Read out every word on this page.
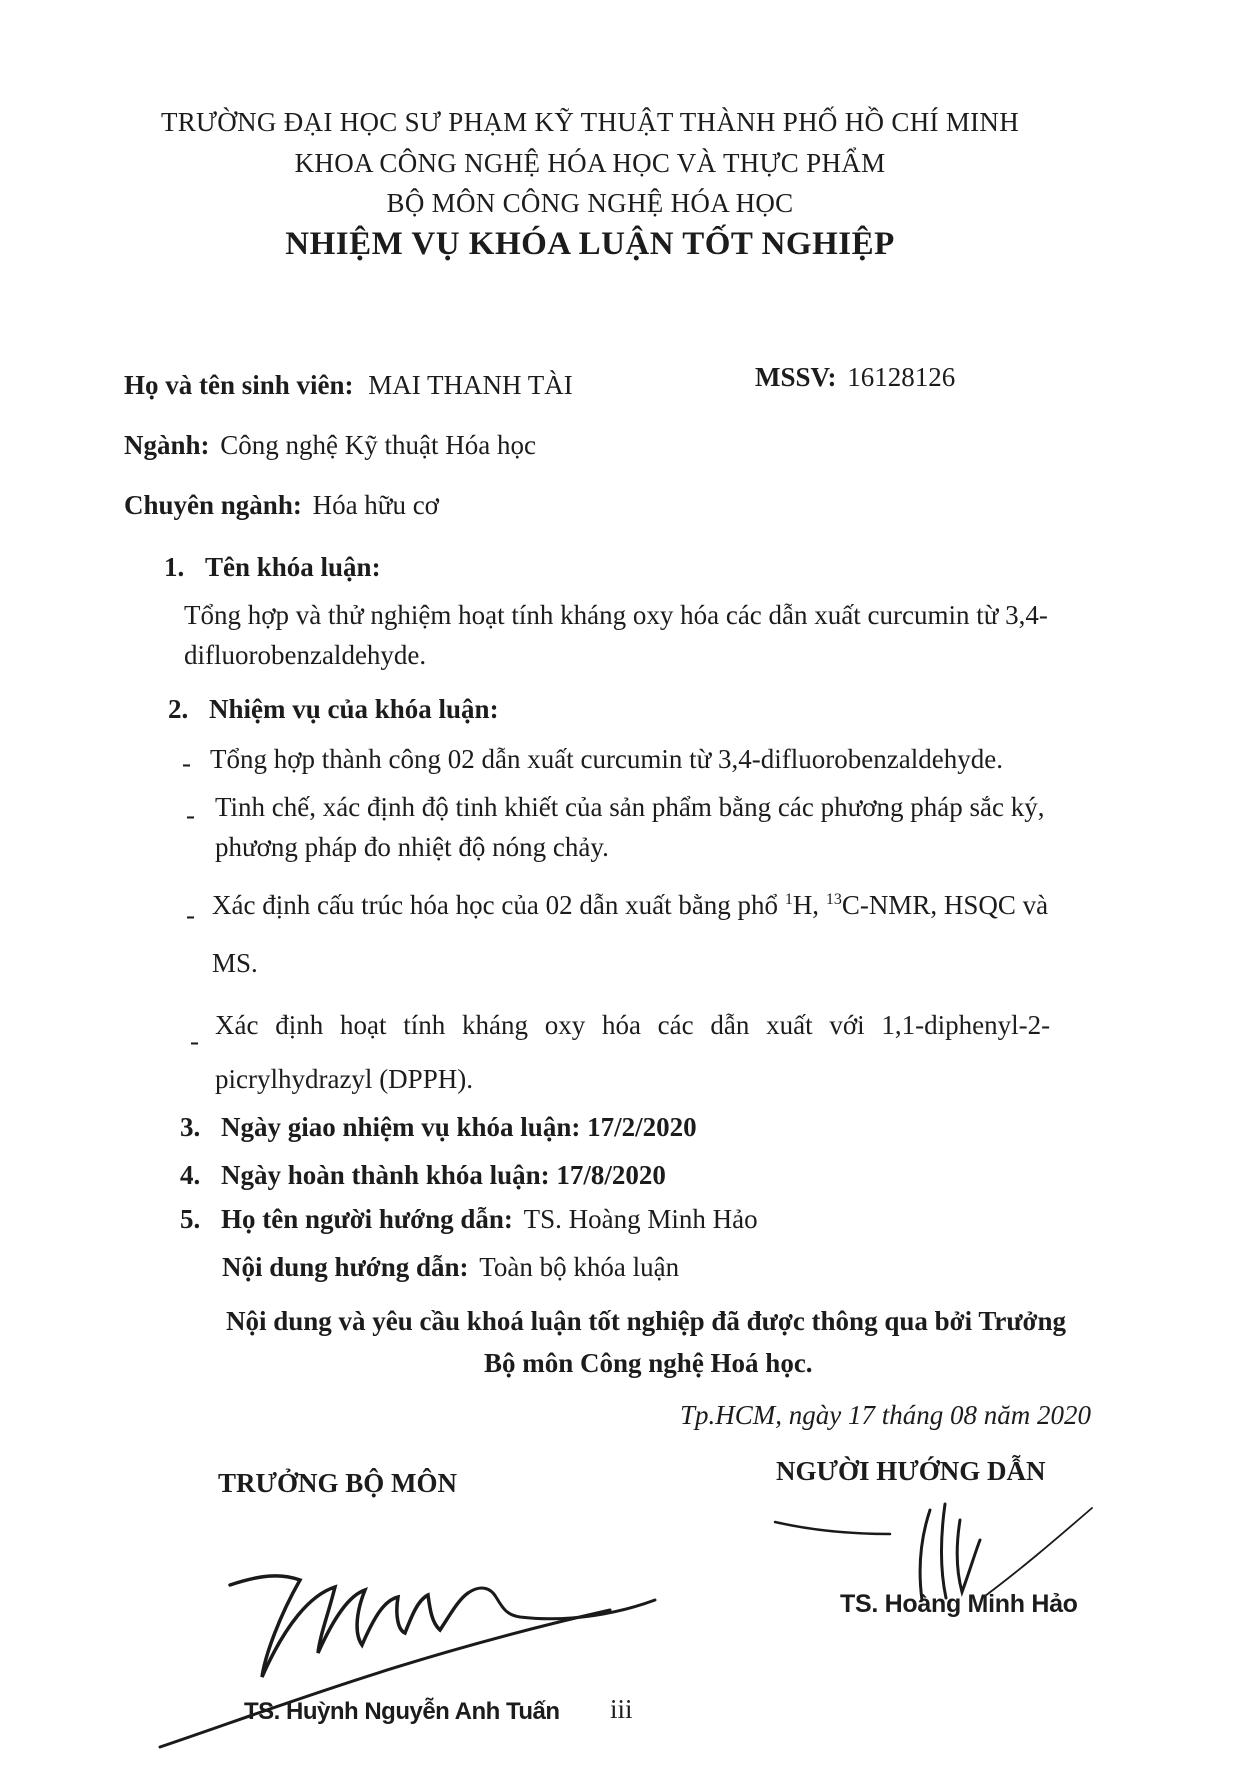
TRƯỜNG ĐẠI HỌC SƯ PHẠM KỸ THUẬT THÀNH PHỐ HỒ CHÍ MINH
KHOA CÔNG NGHỆ HÓA HỌC VÀ THỰC PHẨM
BỘ MÔN CÔNG NGHỆ HÓA HỌC
NHIỆM VỤ KHÓA LUẬN TỐT NGHIỆP
Họ và tên sinh viên: MAI THANH TÀI	MSSV: 16128126
Ngành: Công nghệ Kỹ thuật Hóa học
Chuyên ngành: Hóa hữu cơ
1. Tên khóa luận:
Tổng hợp và thử nghiệm hoạt tính kháng oxy hóa các dẫn xuất curcumin từ 3,4-
difluorobenzaldehyde.
2. Nhiệm vụ của khóa luận:
- Tổng hợp thành công 02 dẫn xuất curcumin từ 3,4-difluorobenzaldehyde.
- Tinh chế, xác định độ tinh khiết của sản phẩm bằng các phương pháp sắc ký,
phương pháp đo nhiệt độ nóng chảy.
- Xác định cấu trúc hóa học của 02 dẫn xuất bằng phổ $^1$H, $^{13}$C-NMR, HSQC và
MS.
-
Xác định hoạt tính kháng oxy hóa các dẫn xuất với 1,1-diphenyl-2-
picrylhydrazyl (DPPH).
3. Ngày giao nhiệm vụ khóa luận: 17/2/2020
4. Ngày hoàn thành khóa luận: 17/8/2020
5. Họ tên người hướng dẫn: TS. Hoàng Minh Hảo
Nội dung hướng dẫn: Toàn bộ khóa luận
Nội dung và yêu cầu khoá luận tốt nghiệp đã được thông qua bởi Trưởng
Bộ môn Công nghệ Hoá học.
Tp.HCM, ngày 17 tháng 08 năm 2020
TRƯỞNG BỘ MÔN	NGƯỜI HƯỚNG DẪN
TS. Hoàng Minh Hảo
TS. Huỳnh Nguyễn Anh Tuấn iii
